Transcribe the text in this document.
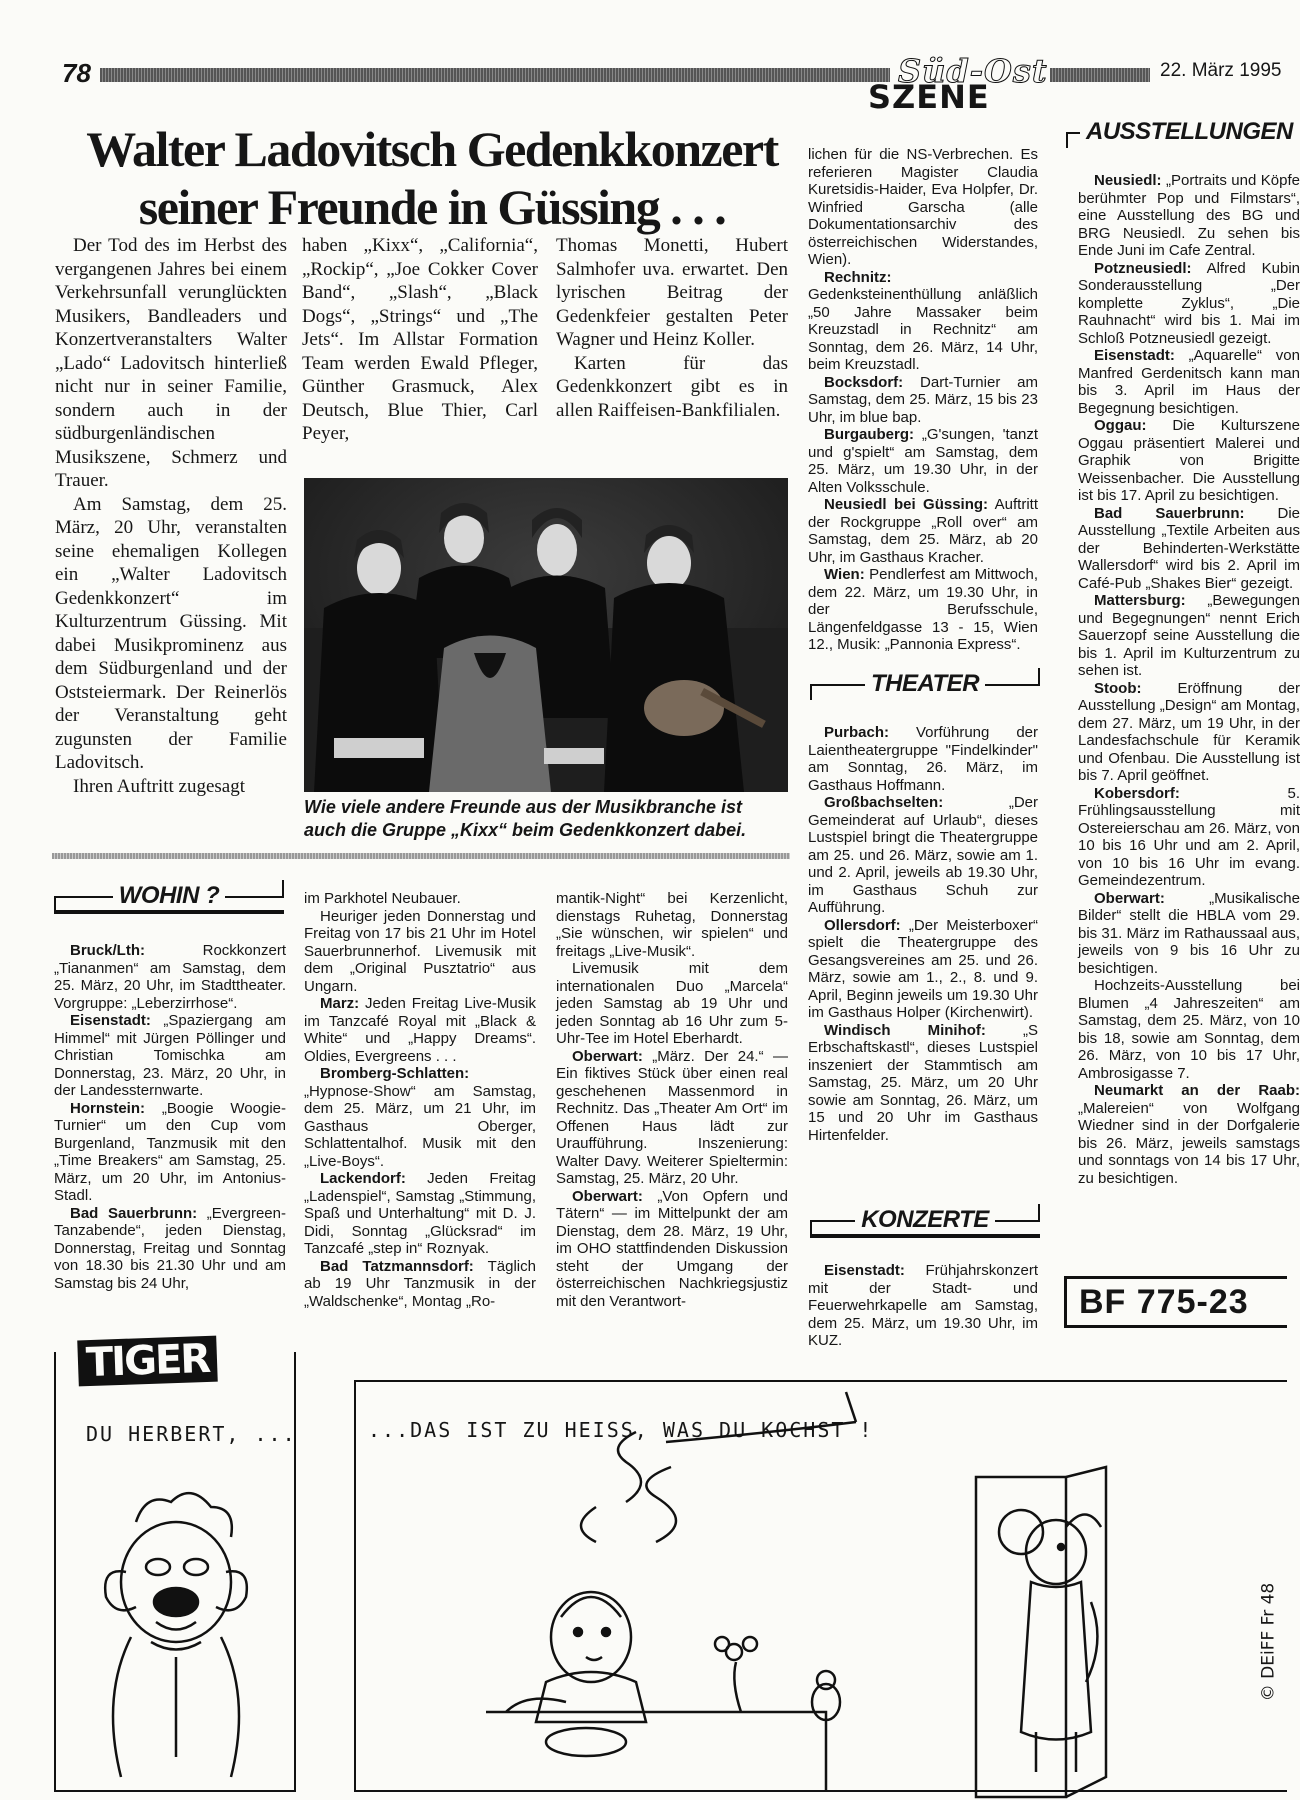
78	Süd-Ost
SZENE
22. März 1995
Walter Ladovitsch Gedenkkonzert
seiner Freunde in Güssing . . .

Der Tod des im Herbst des vergangenen Jahres bei einem Verkehrsunfall verunglückten Musikers, Bandleaders und Konzertveranstalters Walter „Lado“ Ladovitsch hinterließ nicht nur in seiner Familie, sondern auch in der südburgenländischen Musikszene, Schmerz und Trauer.

Am Samstag, dem 25. März, 20 Uhr, veranstalten seine ehemaligen Kollegen ein „Walter Ladovitsch Gedenkkonzert“ im Kulturzentrum Güssing. Mit dabei Musikprominenz aus dem Südburgenland und der Oststeiermark. Der Reinerlös der Veranstaltung geht zugunsten der Familie Ladovitsch.

Ihren Auftritt zugesagt

haben „Kixx“, „California“, „Rockip“, „Joe Cokker Cover Band“, „Slash“, „Black Dogs“, „Strings“ und „The Jets“. Im Allstar Formation Team werden Ewald Pfleger, Günther Grasmuck, Alex Deutsch, Blue Thier, Carl Peyer,

Thomas Monetti, Hubert Salmhofer uva. erwartet. Den lyrischen Beitrag der Gedenkfeier gestalten Peter Wagner und Heinz Koller.

Karten für das Gedenkkonzert gibt es in allen Raiffeisen-Bankfilialen.

Wie viele andere Freunde aus der Musikbranche ist
auch die Gruppe „Kixx“ beim Gedenkkonzert dabei.

lichen für die NS-Verbrechen. Es referieren Magister Claudia Kuretsidis-Haider, Eva Holpfer, Dr. Winfried Garscha (alle Dokumentationsarchiv des österreichischen Widerstandes, Wien).

Rechnitz: Gedenksteinenthüllung anläßlich „50 Jahre Massaker beim Kreuzstadl in Rechnitz“ am Sonntag, dem 26. März, 14 Uhr, beim Kreuzstadl.

Bocksdorf: Dart-Turnier am Samstag, dem 25. März, 15 bis 23 Uhr, im blue bap.

Burgauberg: „G'sungen, 'tanzt und g'spielt“ am Samstag, dem 25. März, um 19.30 Uhr, in der Alten Volksschule.

Neusiedl bei Güssing: Auftritt der Rockgruppe „Roll over“ am Samstag, dem 25. März, ab 20 Uhr, im Gasthaus Kracher.

Wien: Pendlerfest am Mittwoch, dem 22. März, um 19.30 Uhr, in der Berufsschule, Längenfeldgasse 13 - 15, Wien 12., Musik: „Pannonia Express“.

THEATER

Purbach: Vorführung der Laientheatergruppe "Findelkinder" am Sonntag, 26. März, im Gasthaus Hoffmann.

Großbachselten: „Der Gemeinderat auf Urlaub“, dieses Lustspiel bringt die Theatergruppe am 25. und 26. März, sowie am 1. und 2. April, jeweils ab 19.30 Uhr, im Gasthaus Schuh zur Aufführung.

Ollersdorf: „Der Meisterboxer“ spielt die Theatergruppe des Gesangsvereines am 25. und 26. März, sowie am 1., 2., 8. und 9. April, Beginn jeweils um 19.30 Uhr im Gasthaus Holper (Kirchenwirt).

Windisch Minihof: „S Erbschaftskastl“, dieses Lustspiel inszeniert der Stammtisch am Samstag, 25. März, um 20 Uhr sowie am Sonntag, 26. März, um 15 und 20 Uhr im Gasthaus Hirtenfelder.

KONZERTE

Eisenstadt: Frühjahrskonzert mit der Stadt- und Feuerwehrkapelle am Samstag, dem 25. März, um 19.30 Uhr, im KUZ.

AUSSTELLUNGEN

Neusiedl: „Portraits und Köpfe berühmter Pop und Filmstars“, eine Ausstellung des BG und BRG Neusiedl. Zu sehen bis Ende Juni im Cafe Zentral.

Potzneusiedl: Alfred Kubin Sonderausstellung „Der komplette Zyklus“, „Die Rauhnacht“ wird bis 1. Mai im Schloß Potzneusiedl gezeigt.

Eisenstadt: „Aquarelle“ von Manfred Gerdenitsch kann man bis 3. April im Haus der Begegnung besichtigen.

Oggau: Die Kulturszene Oggau präsentiert Malerei und Graphik von Brigitte Weissenbacher. Die Ausstellung ist bis 17. April zu besichtigen.

Bad Sauerbrunn: Die Ausstellung „Textile Arbeiten aus der Behinderten-Werkstätte Wallersdorf“ wird bis 2. April im Café-Pub „Shakes Bier“ gezeigt.

Mattersburg: „Bewegungen und Begegnungen“ nennt Erich Sauerzopf seine Ausstellung die bis 1. April im Kulturzentrum zu sehen ist.

Stoob: Eröffnung der Ausstellung „Design“ am Montag, dem 27. März, um 19 Uhr, in der Landesfachschule für Keramik und Ofenbau. Die Ausstellung ist bis 7. April geöffnet.

Kobersdorf: 5. Frühlingsausstellung mit Ostereierschau am 26. März, von 10 bis 16 Uhr und am 2. April, von 10 bis 16 Uhr im evang. Gemeindezentrum.

Oberwart: „Musikalische Bilder“ stellt die HBLA vom 29. bis 31. März im Rathaussaal aus, jeweils von 9 bis 16 Uhr zu besichtigen.

Hochzeits-Ausstellung bei Blumen „4 Jahreszeiten“ am Samstag, dem 25. März, von 10 bis 18, sowie am Sonntag, dem 26. März, von 10 bis 17 Uhr, Ambrosigasse 7.

Neumarkt an der Raab: „Malereien“ von Wolfgang Wiedner sind in der Dorfgalerie bis 26. März, jeweils samstags und sonntags von 14 bis 17 Uhr, zu besichtigen.

BF 775-23
WOHIN ?

Bruck/Lth: Rockkonzert „Tiananmen“ am Samstag, dem 25. März, 20 Uhr, im Stadttheater. Vorgruppe: „Leberzirrhose“.

Eisenstadt: „Spaziergang am Himmel“ mit Jürgen Pöllinger und Christian Tomischka am Donnerstag, 23. März, 20 Uhr, in der Landessternwarte.

Hornstein: „Boogie Woogie-Turnier“ um den Cup vom Burgenland, Tanzmusik mit den „Time Breakers“ am Samstag, 25. März, um 20 Uhr, im Antonius-Stadl.

Bad Sauerbrunn: „Evergreen-Tanzabende“, jeden Dienstag, Donnerstag, Freitag und Sonntag von 18.30 bis 21.30 Uhr und am Samstag bis 24 Uhr,

im Parkhotel Neubauer.

Heuriger jeden Donnerstag und Freitag von 17 bis 21 Uhr im Hotel Sauerbrunnerhof. Livemusik mit dem „Original Pusztatrio“ aus Ungarn.

Marz: Jeden Freitag Live-Musik im Tanzcafé Royal mit „Black & White“ und „Happy Dreams“. Oldies, Evergreens . . .

Bromberg-Schlatten: „Hypnose-Show“ am Samstag, dem 25. März, um 21 Uhr, im Gasthaus Oberger, Schlattentalhof. Musik mit den „Live-Boys“.

Lackendorf: Jeden Freitag „Ladenspiel“, Samstag „Stimmung, Spaß und Unterhaltung“ mit D. J. Didi, Sonntag „Glücksrad“ im Tanzcafé „step in“ Roznyak.

Bad Tatzmannsdorf: Täglich ab 19 Uhr Tanzmusik in der „Waldschenke“, Montag „Ro-

mantik-Night“ bei Kerzenlicht, dienstags Ruhetag, Donnerstag „Sie wünschen, wir spielen“ und freitags „Live-Musik“.

Livemusik mit dem internationalen Duo „Marcela“ jeden Samstag ab 19 Uhr und jeden Sonntag ab 16 Uhr zum 5-Uhr-Tee im Hotel Eberhardt.

Oberwart: „März. Der 24.“ — Ein fiktives Stück über einen real geschehenen Massenmord in Rechnitz. Das „Theater Am Ort“ im Offenen Haus lädt zur Uraufführung. Inszenierung: Walter Davy. Weiterer Spieltermin: Samstag, 25. März, 20 Uhr.

Oberwart: „Von Opfern und Tätern“ — im Mittelpunkt der am Dienstag, dem 28. März, 19 Uhr, im OHO stattfindenden Diskussion steht der Umgang der österreichischen Nachkriegsjustiz mit den Verantwort-

TIGER
DU HERBERT, ...	...DAS IST ZU HEISS, WAS DU KOCHST !
© DEiFF Fr 48
